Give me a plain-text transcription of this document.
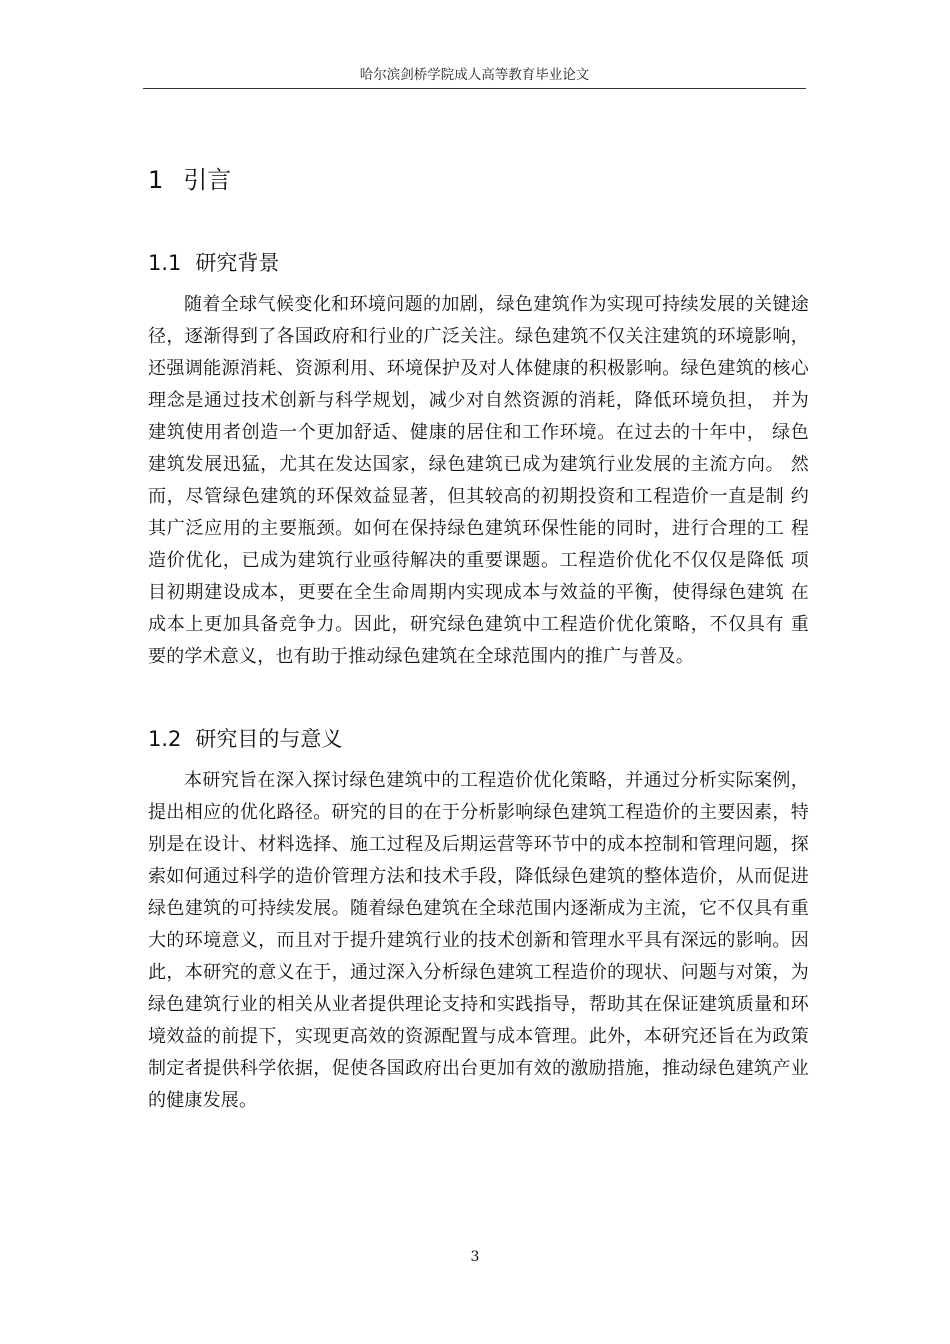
哈尔滨剑桥学院成人高等教育毕业论文
1 引言
1.1 研究背景

随着全球气候变化和环境问题的加剧，绿色建筑作为实现可持续发展的关键途径，逐渐得到了各国政府和行业的广泛关注。绿色建筑不仅关注建筑的环境影响，还强调能源消耗、资源利用、环境保护及对人体健康的积极影响。绿色建筑的核心理念是通过技术创新与科学规划，减少对自然资源的消耗，降低环境负担， 并为建筑使用者创造一个更加舒适、健康的居住和工作环境。在过去的十年中， 绿色建筑发展迅猛，尤其在发达国家，绿色建筑已成为建筑行业发展的主流方向。 然而，尽管绿色建筑的环保效益显著，但其较高的初期投资和工程造价一直是制 约其广泛应用的主要瓶颈。如何在保持绿色建筑环保性能的同时，进行合理的工 程造价优化，已成为建筑行业亟待解决的重要课题。工程造价优化不仅仅是降低 项目初期建设成本，更要在全生命周期内实现成本与效益的平衡，使得绿色建筑 在成本上更加具备竞争力。因此，研究绿色建筑中工程造价优化策略，不仅具有 重要的学术意义，也有助于推动绿色建筑在全球范围内的推广与普及。

1.2 研究目的与意义

本研究旨在深入探讨绿色建筑中的工程造价优化策略，并通过分析实际案例，提出相应的优化路径。研究的目的在于分析影响绿色建筑工程造价的主要因素，特别是在设计、材料选择、施工过程及后期运营等环节中的成本控制和管理问题，探索如何通过科学的造价管理方法和技术手段，降低绿色建筑的整体造价，从而促进绿色建筑的可持续发展。随着绿色建筑在全球范围内逐渐成为主流，它不仅具有重大的环境意义，而且对于提升建筑行业的技术创新和管理水平具有深远的影响。因此，本研究的意义在于，通过深入分析绿色建筑工程造价的现状、问题与对策，为绿色建筑行业的相关从业者提供理论支持和实践指导，帮助其在保证建筑质量和环境效益的前提下，实现更高效的资源配置与成本管理。此外，本研究还旨在为政策制定者提供科学依据，促使各国政府出台更加有效的激励措施，推动绿色建筑产业的健康发展。

3
